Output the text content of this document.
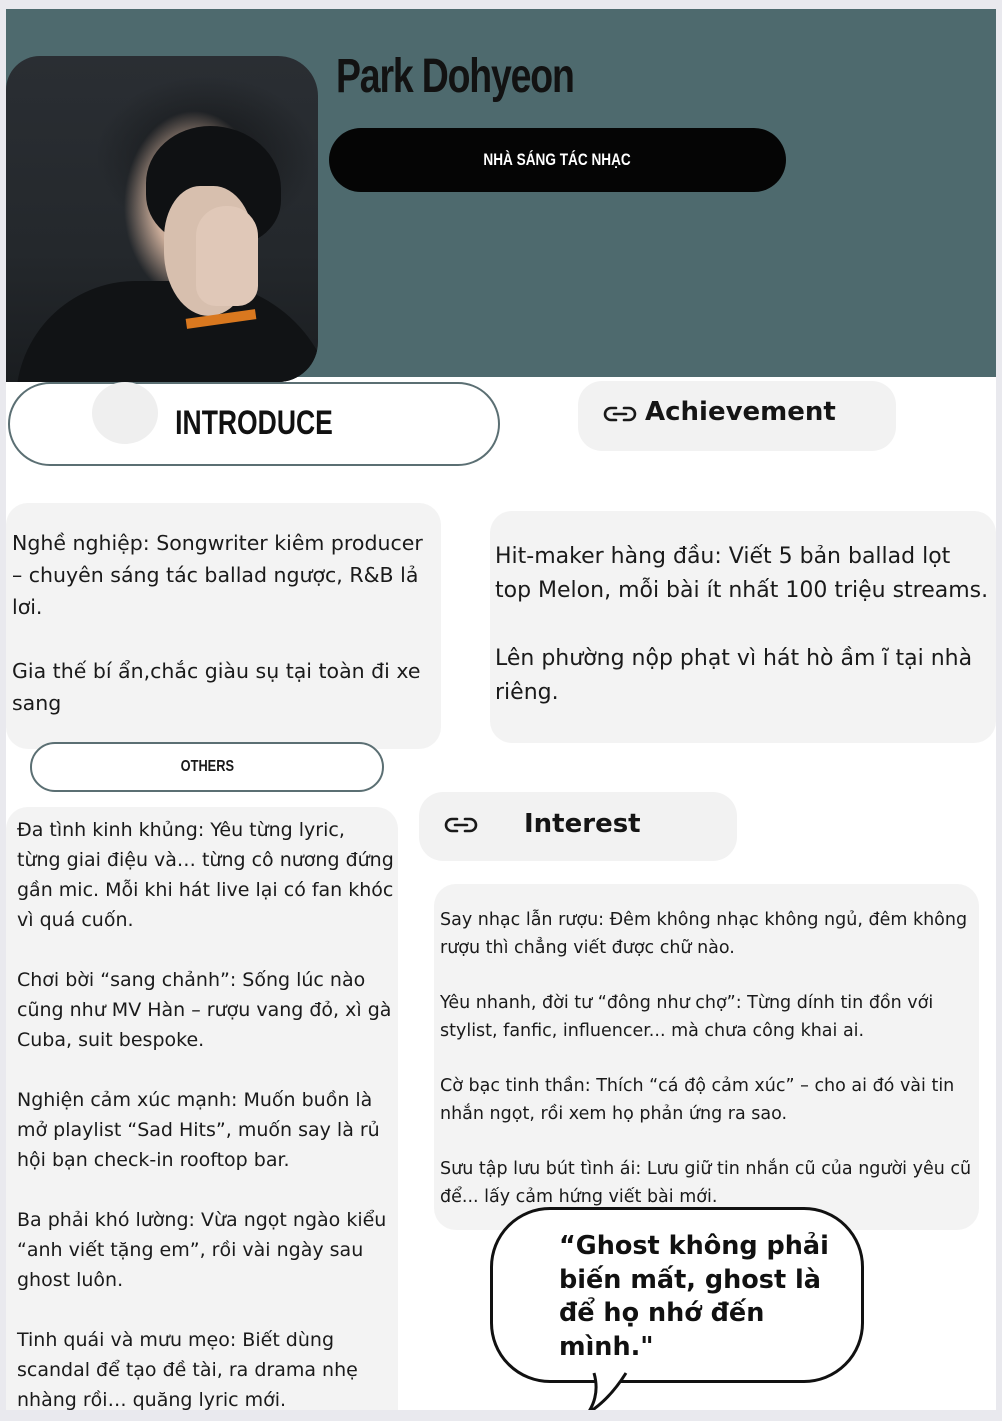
Park Dohyeon
NHÀ SÁNG TÁC NHẠC
INTRODUCE	Achievement

Nghề nghiệp: Songwriter kiêm producer – chuyên sáng tác ballad ngược, R&B lả lơi.

Gia thế bí ẩn,chắc giàu sụ tại toàn đi xe sang

Hit-maker hàng đầu: Viết 5 bản ballad lọt top Melon, mỗi bài ít nhất 100 triệu streams.

Lên phường nộp phạt vì hát hò ầm ĩ tại nhà riêng.

OTHERS
Interest

Đa tình kinh khủng: Yêu từng lyric, từng giai điệu và… từng cô nương đứng gần mic. Mỗi khi hát live lại có fan khóc vì quá cuốn.

Chơi bời “sang chảnh”: Sống lúc nào cũng như MV Hàn – rượu vang đỏ, xì gà Cuba, suit bespoke.

Nghiện cảm xúc mạnh: Muốn buồn là mở playlist “Sad Hits”, muốn say là rủ hội bạn check-in rooftop bar.

Ba phải khó lường: Vừa ngọt ngào kiểu “anh viết tặng em”, rồi vài ngày sau ghost luôn.

Tinh quái và mưu mẹo: Biết dùng scandal để tạo đề tài, ra drama nhẹ nhàng rồi… quăng lyric mới.

Say nhạc lẫn rượu: Đêm không nhạc không ngủ, đêm không rượu thì chẳng viết được chữ nào.

Yêu nhanh, đời tư “đông như chợ”: Từng dính tin đồn với stylist, fanfic, influencer... mà chưa công khai ai.

Cờ bạc tinh thần: Thích “cá độ cảm xúc” – cho ai đó vài tin nhắn ngọt, rồi xem họ phản ứng ra sao.

Sưu tập lưu bút tình ái: Lưu giữ tin nhắn cũ của người yêu cũ để... lấy cảm hứng viết bài mới.

“Ghost không phải biến mất, ghost là để họ nhớ đến mình."
